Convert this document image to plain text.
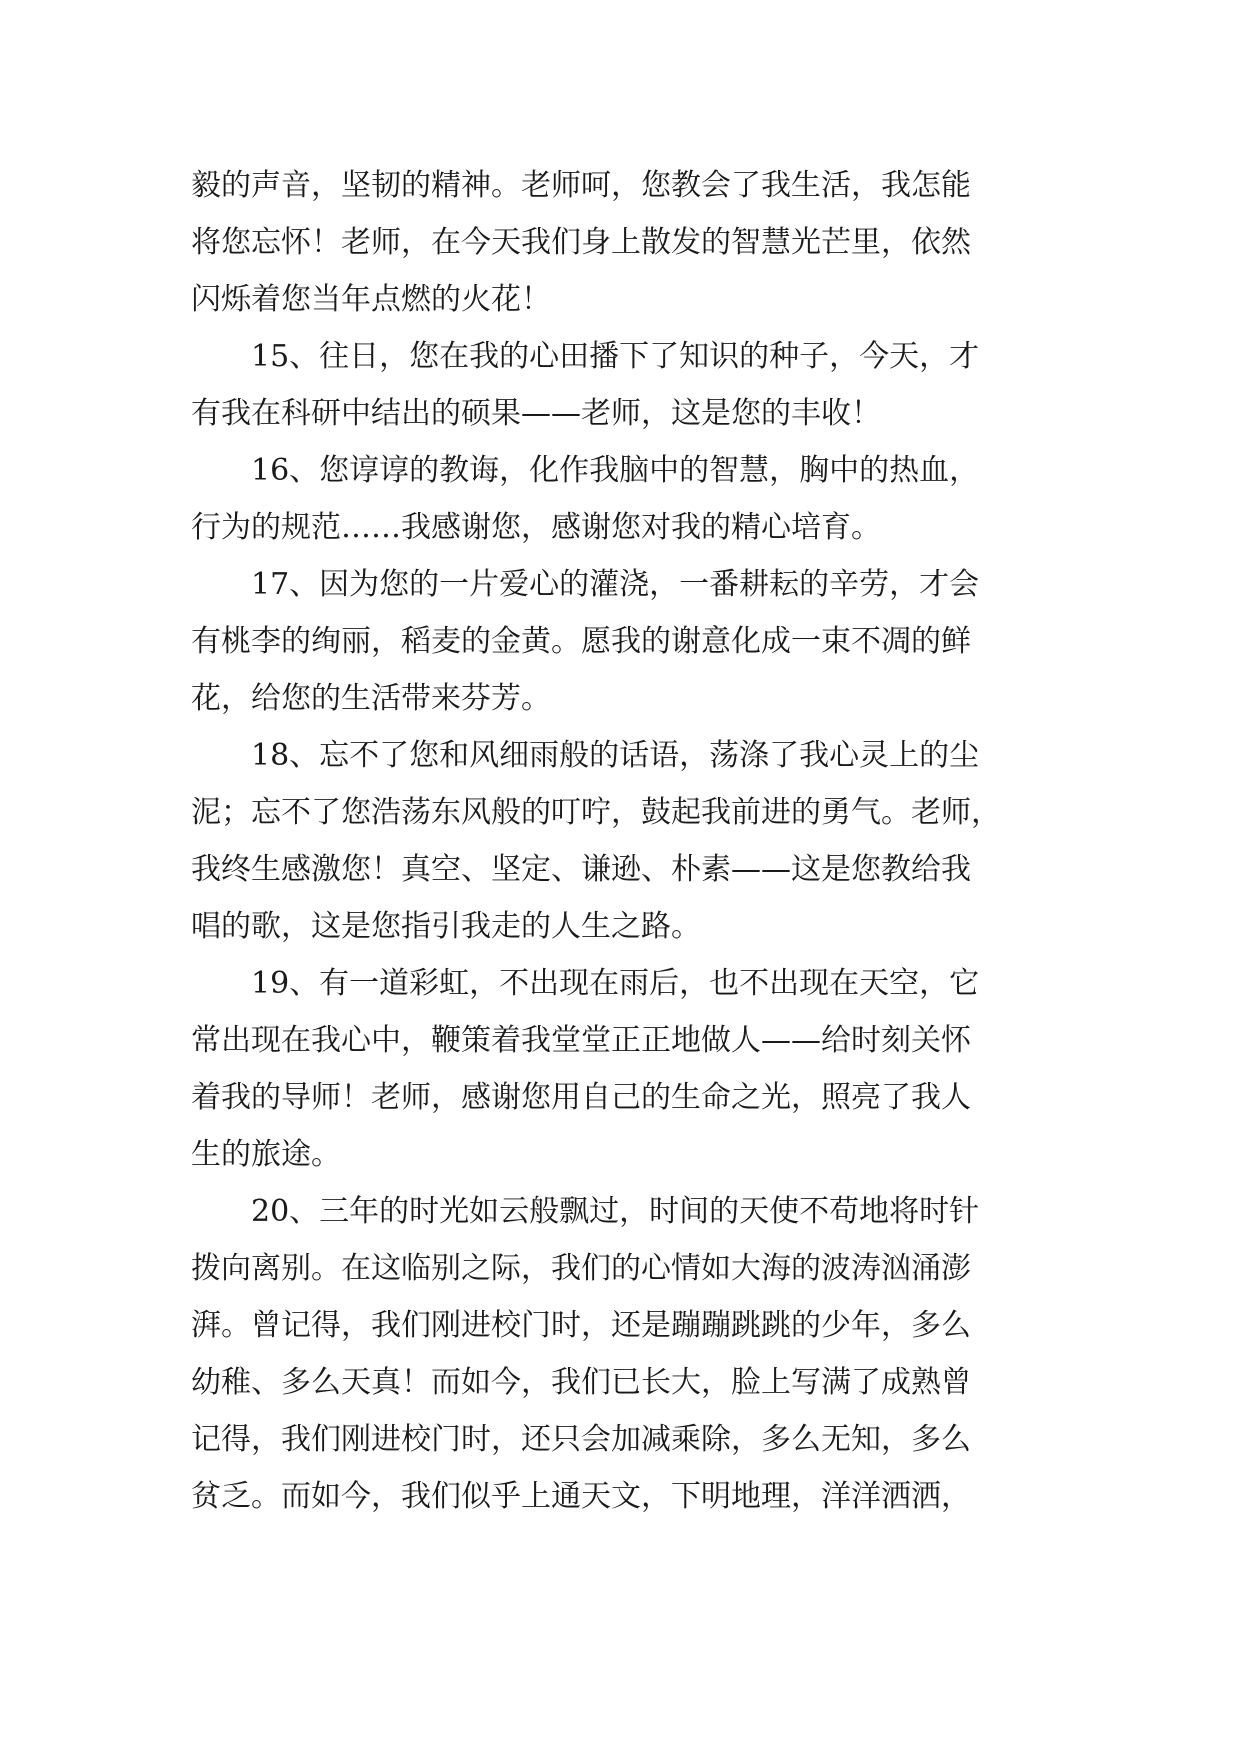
毅的声音，坚韧的精神。老师呵，您教会了我生活，我怎能
将您忘怀！老师，在今天我们身上散发的智慧光芒里，依然
闪烁着您当年点燃的火花！
15、往日，您在我的心田播下了知识的种子，今天，才
有我在科研中结出的硕果——老师，这是您的丰收！
16、您谆谆的教诲，化作我脑中的智慧，胸中的热血，
行为的规范……我感谢您，感谢您对我的精心培育。
17、因为您的一片爱心的灌浇，一番耕耘的辛劳，才会
有桃李的绚丽，稻麦的金黄。愿我的谢意化成一束不凋的鲜
花，给您的生活带来芬芳。
18、忘不了您和风细雨般的话语，荡涤了我心灵上的尘
泥；忘不了您浩荡东风般的叮咛，鼓起我前进的勇气。老师，
我终生感激您！真空、坚定、谦逊、朴素——这是您教给我
唱的歌，这是您指引我走的人生之路。
19、有一道彩虹，不出现在雨后，也不出现在天空，它
常出现在我心中，鞭策着我堂堂正正地做人——给时刻关怀
着我的导师！老师，感谢您用自己的生命之光，照亮了我人
生的旅途。
20、三年的时光如云般飘过，时间的天使不苟地将时针
拨向离别。在这临别之际，我们的心情如大海的波涛汹涌澎
湃。曾记得，我们刚进校门时，还是蹦蹦跳跳的少年，多么
幼稚、多么天真！而如今，我们已长大，脸上写满了成熟曾
记得，我们刚进校门时，还只会加减乘除，多么无知，多么
贫乏。而如今，我们似乎上通天文，下明地理，洋洋洒洒，
